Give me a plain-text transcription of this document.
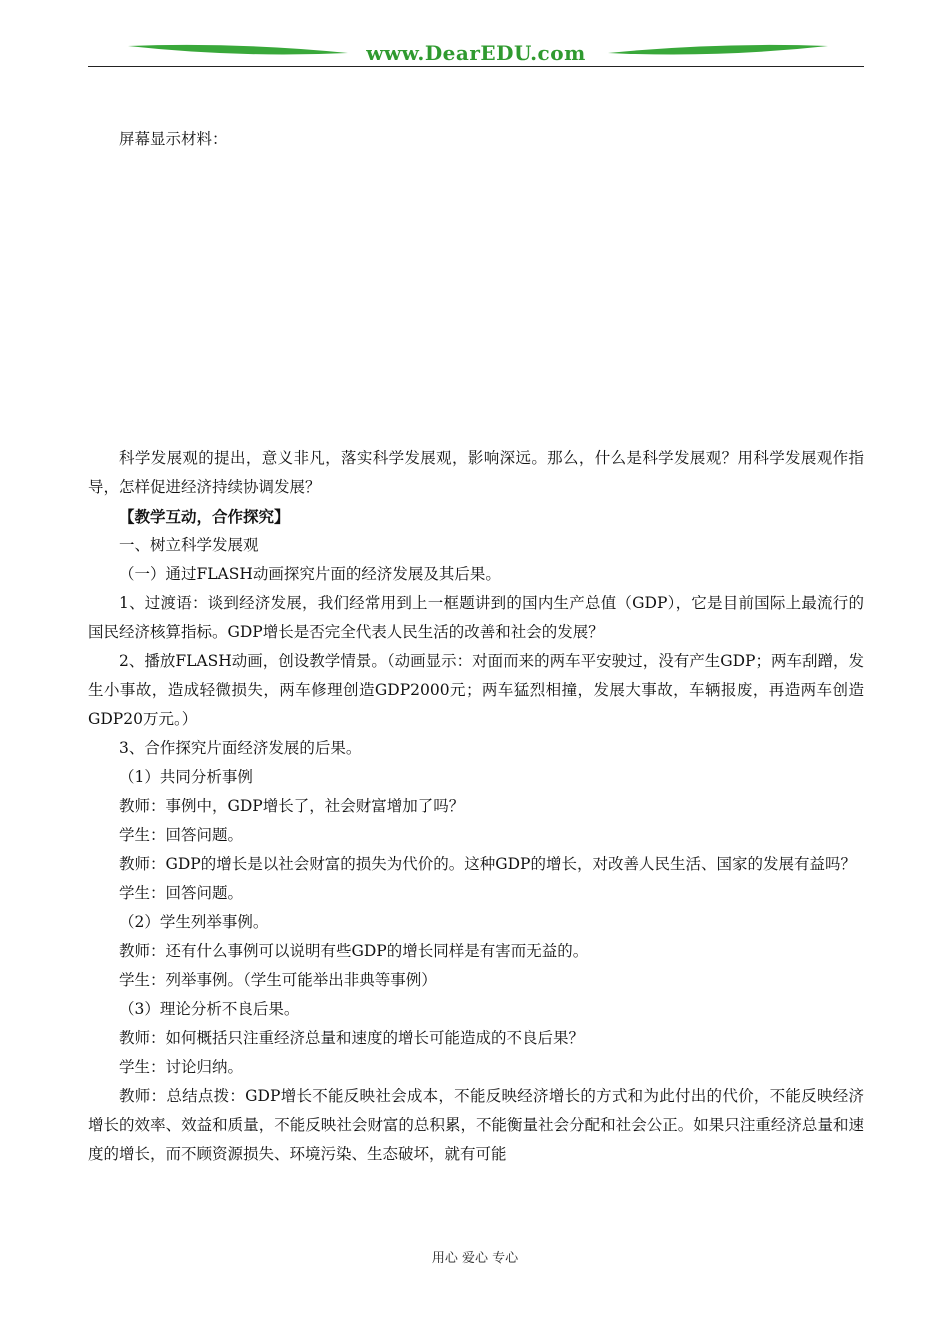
www.DearEDU.com

屏幕显示材料：

科学发展观的提出，意义非凡，落实科学发展观，影响深远。那么，什么是科学发展观？用科学发展观作指导，怎样促进经济持续协调发展？

【教学互动，合作探究】

一、树立科学发展观

（一）通过FLASH动画探究片面的经济发展及其后果。

1、过渡语：谈到经济发展，我们经常用到上一框题讲到的国内生产总值（GDP），它是目前国际上最流行的国民经济核算指标。GDP增长是否完全代表人民生活的改善和社会的发展？

2、播放FLASH动画，创设教学情景。（动画显示：对面而来的两车平安驶过，没有产生GDP；两车刮蹭，发生小事故，造成轻微损失，两车修理创造GDP2000元；两车猛烈相撞，发展大事故，车辆报废，再造两车创造GDP20万元。）

3、合作探究片面经济发展的后果。

（1）共同分析事例

教师：事例中，GDP增长了，社会财富增加了吗？

学生：回答问题。

教师：GDP的增长是以社会财富的损失为代价的。这种GDP的增长，对改善人民生活、国家的发展有益吗？

学生：回答问题。

（2）学生列举事例。

教师：还有什么事例可以说明有些GDP的增长同样是有害而无益的。

学生：列举事例。（学生可能举出非典等事例）

（3）理论分析不良后果。

教师：如何概括只注重经济总量和速度的增长可能造成的不良后果？

学生：讨论归纳。

教师：总结点拨：GDP增长不能反映社会成本，不能反映经济增长的方式和为此付出的代价，不能反映经济增长的效率、效益和质量，不能反映社会财富的总积累，不能衡量社会分配和社会公正。如果只注重经济总量和速度的增长，而不顾资源损失、环境污染、生态破坏，就有可能

用心 爱心 专心
